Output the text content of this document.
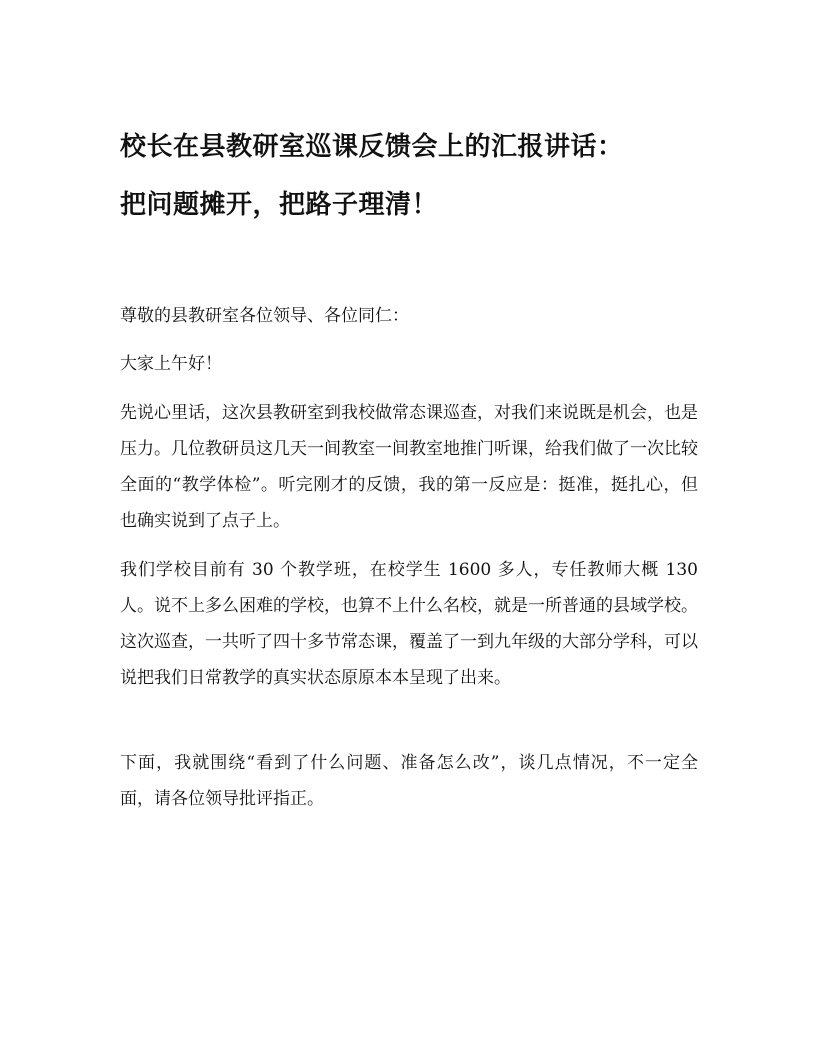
校长在县教研室巡课反馈会上的汇报讲话：
把问题摊开，把路子理清！

尊敬的县教研室各位领导、各位同仁：

大家上午好！

先说心里话，这次县教研室到我校做常态课巡查，对我们来说既是机会，也是压力。几位教研员这几天一间教室一间教室地推门听课，给我们做了一次比较全面的“教学体检”。听完刚才的反馈，我的第一反应是：挺准，挺扎心，但也确实说到了点子上。

我们学校目前有 30 个教学班，在校学生 1600 多人，专任教师大概 130 人。说不上多么困难的学校，也算不上什么名校，就是一所普通的县域学校。这次巡查，一共听了四十多节常态课，覆盖了一到九年级的大部分学科，可以说把我们日常教学的真实状态原原本本呈现了出来。

下面，我就围绕“看到了什么问题、准备怎么改”，谈几点情况，不一定全面，请各位领导批评指正。
